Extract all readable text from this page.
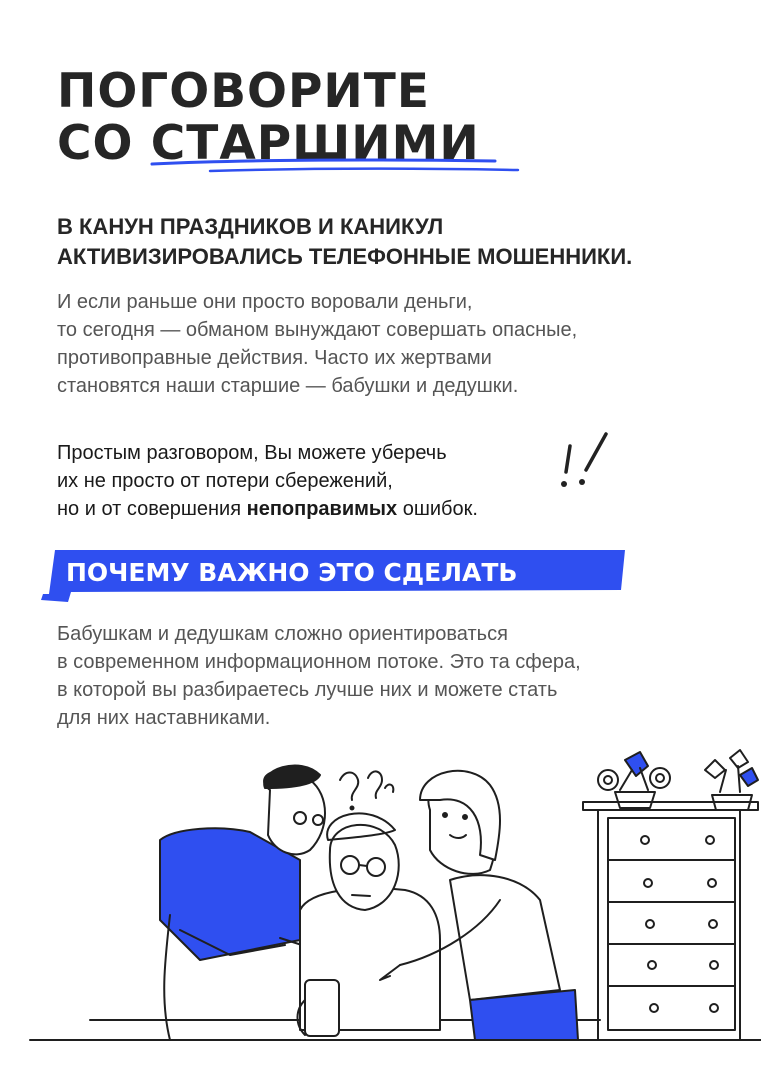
ПОГОВОРИТЕ
СО СТАРШИМИ
В КАНУН ПРАЗДНИКОВ И КАНИКУЛ
АКТИВИЗИРОВАЛИСЬ ТЕЛЕФОННЫЕ МОШЕННИКИ.

И если раньше они просто воровали деньги,
то сегодня — обманом вынуждают совершать опасные,
противоправные действия. Часто их жертвами
становятся наши старшие — бабушки и дедушки.

Простым разговором, Вы можете уберечь
их не просто от потери сбережений,
но и от совершения непоправимых ошибок.

ПОЧЕМУ ВАЖНО ЭТО СДЕЛАТЬ

Бабушкам и дедушкам сложно ориентироваться
в современном информационном потоке. Это та сфера,
в которой вы разбираетесь лучше них и можете стать
для них наставниками.
